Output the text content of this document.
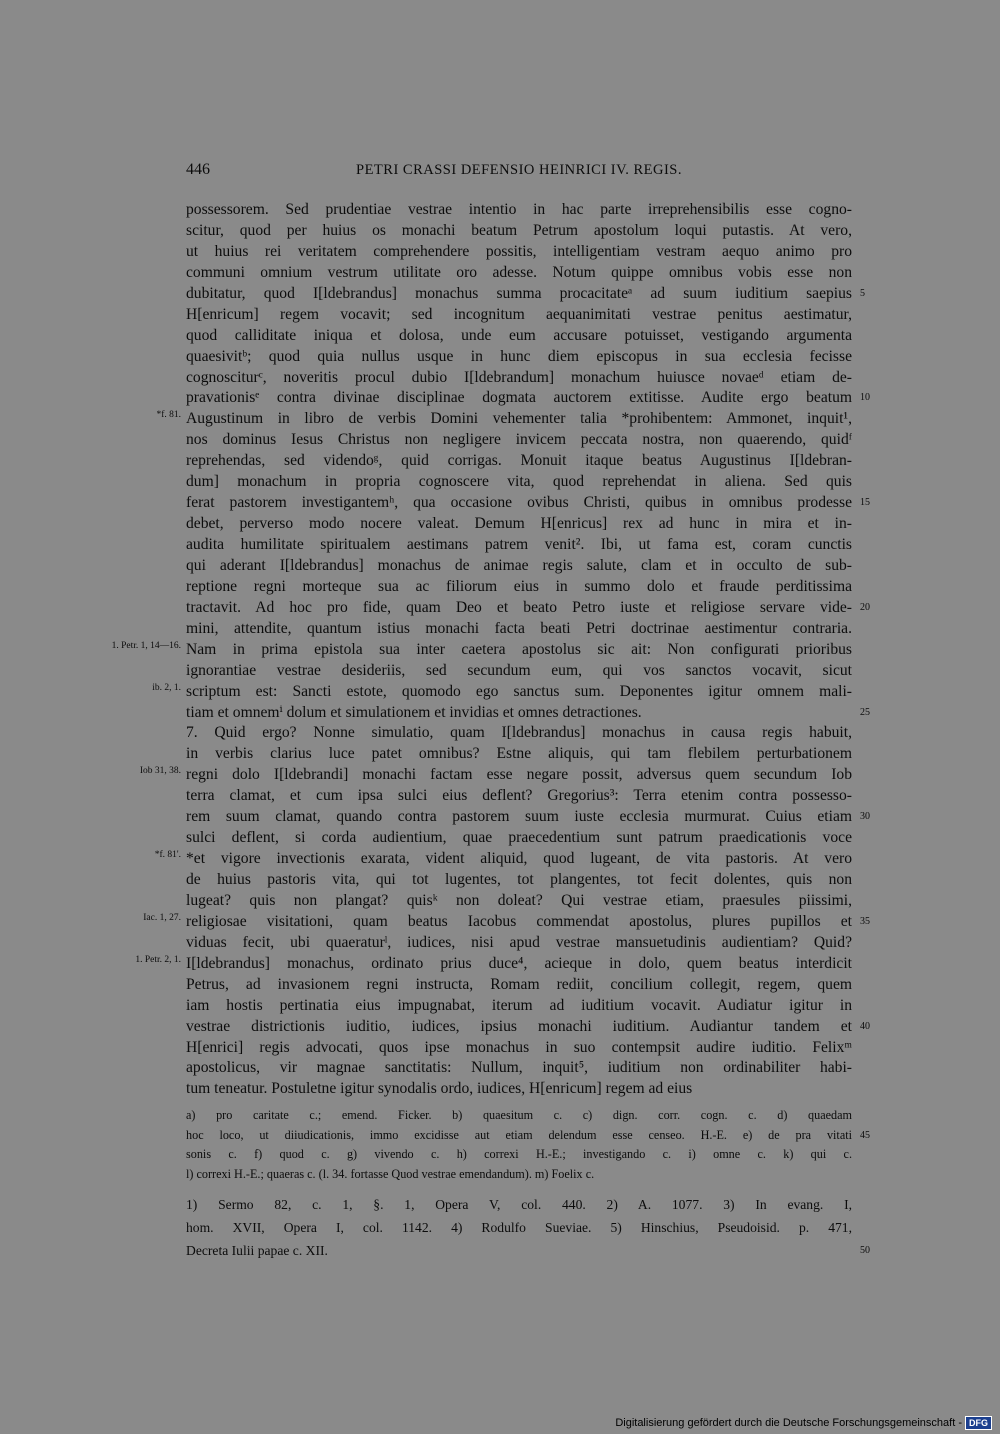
446	PETRI CRASSI DEFENSIO HEINRICI IV. REGIS.
possessorem. Sed prudentiae vestrae intentio in hac parte irreprehensibilis esse cogno-
scitur, quod per huius os monachi beatum Petrum apostolum loqui putastis. At vero,
ut huius rei veritatem comprehendere possitis, intelligentiam vestram aequo animo pro
communi omnium vestrum utilitate oro adesse. Notum quippe omnibus vobis esse non
dubitatur, quod I[ldebrandus] monachus summa procacitateᵃ ad suum iuditium saepius 5
H[enricum] regem vocavit; sed incognitum aequanimitati vestrae penitus aestimatur,
quod calliditate iniqua et dolosa, unde eum accusare potuisset, vestigando argumenta
quaesivitᵇ; quod quia nullus usque in hunc diem episcopus in sua ecclesia fecisse
cognosciturᶜ, noveritis procul dubio I[ldebrandum] monachum huiusce novaeᵈ etiam de-
pravationisᵉ contra divinae disciplinae dogmata auctorem extitisse. Audite ergo beatum 10
Augustinum in libro de verbis Domini vehementer talia *prohibentem: Ammonet, inquit¹,
*f. 81.
nos dominus Iesus Christus non negligere invicem peccata nostra, non quaerendo, quidᶠ
reprehendas, sed videndoᵍ, quid corrigas. Monuit itaque beatus Augustinus I[ldebran-
dum] monachum in propria cognoscere vita, quod reprehendat in aliena. Sed quis
ferat pastorem investigantemʰ, qua occasione ovibus Christi, quibus in omnibus prodesse 15
debet, perverso modo nocere valeat. Demum H[enricus] rex ad hunc in mira et in-
audita humilitate spiritualem aestimans patrem venit². Ibi, ut fama est, coram cunctis
qui aderant I[ldebrandus] monachus de animae regis salute, clam et in occulto de sub-
reptione regni morteque sua ac filiorum eius in summo dolo et fraude perditissima
tractavit. Ad hoc pro fide, quam Deo et beato Petro iuste et religiose servare vide- 20
mini, attendite, quantum istius monachi facta beati Petri doctrinae aestimentur contraria.
Nam in prima epistola sua inter caetera apostolus sic ait: Non configurati prioribus
1. Petr. 1, 14—16.
ignorantiae vestrae desideriis, sed secundum eum, qui vos sanctos vocavit, sicut
scriptum est: Sancti estote, quomodo ego sanctus sum. Deponentes igitur omnem mali-
ib. 2, 1.
tiam et omnemⁱ dolum et simulationem et invidias et omnes detractiones.	25
7. Quid ergo? Nonne simulatio, quam I[ldebrandus] monachus in causa regis habuit,
in verbis clarius luce patet omnibus? Estne aliquis, qui tam flebilem perturbationem
regni dolo I[ldebrandi] monachi factam esse negare possit, adversus quem secundum Iob
Iob 31, 38.
terra clamat, et cum ipsa sulci eius deflent? Gregorius³: Terra etenim contra possesso-
rem suum clamat, quando contra pastorem suum iuste ecclesia murmurat. Cuius etiam 30
sulci deflent, si corda audientium, quae praecedentium sunt patrum praedicationis voce
*et vigore invectionis exarata, vident aliquid, quod lugeant, de vita pastoris. At vero
*f. 81'.
de huius pastoris vita, qui tot lugentes, tot plangentes, tot fecit dolentes, quis non
lugeat? quis non plangat? quisᵏ non doleat? Qui vestrae etiam, praesules piissimi,
religiosae visitationi, quam beatus Iacobus commendat apostolus, plures pupillos et
Iac. 1, 27.	35
viduas fecit, ubi quaeraturˡ, iudices, nisi apud vestrae mansuetudinis audientiam? Quid?
I[ldebrandus] monachus, ordinato prius duce⁴, acieque in dolo, quem beatus interdicit
1. Petr. 2, 1.
Petrus, ad invasionem regni instructa, Romam rediit, concilium collegit, regem, quem
iam hostis pertinatia eius impugnabat, iterum ad iuditium vocavit. Audiatur igitur in
vestrae districtionis iuditio, iudices, ipsius monachi iuditium. Audiantur tandem et 40
H[enrici] regis advocati, quos ipse monachus in suo contempsit audire iuditio. Felixᵐ
apostolicus, vir magnae sanctitatis: Nullum, inquit⁵, iuditium non ordinabiliter habi-
tum teneatur. Postuletne igitur synodalis ordo, iudices, H[enricum] regem ad eius
a) pro caritate c.; emend. Ficker. b) quaesitum c. c) dign. corr. cogn. c. d) quaedam
hoc loco, ut diiudicationis, immo excidisse aut etiam delendum esse censeo. H.-E. e) de pra vitati 45
sonis c. f) quod c. g) vivendo c. h) correxi H.-E.; investigando c. i) omne c. k) qui c.
l) correxi H.-E.; quaeras c. (l. 34. fortasse Quod vestrae emendandum). m) Foelix c.
1) Sermo 82, c. 1, §. 1, Opera V, col. 440. 2) A. 1077. 3) In evang. I,
hom. XVII, Opera I, col. 1142. 4) Rodulfo Sueviae. 5) Hinschius, Pseudoisid. p. 471,
Decreta Iulii papae c. XII.	50
Digitalisierung gefördert durch die Deutsche Forschungsgemeinschaft - DFG
